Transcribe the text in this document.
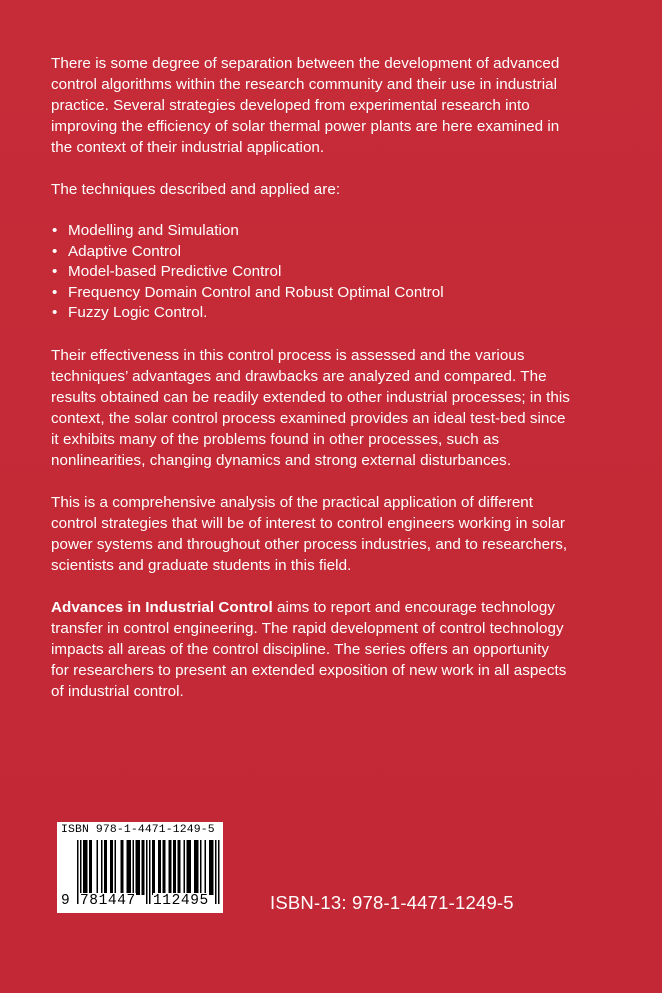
There is some degree of separation between the development of advanced control algorithms within the research community and their use in industrial practice. Several strategies developed from experimental research into improving the efficiency of solar thermal power plants are here examined in the context of their industrial application.

The techniques described and applied are:

• Modelling and Simulation
• Adaptive Control
• Model-based Predictive Control
• Frequency Domain Control and Robust Optimal Control
• Fuzzy Logic Control.

Their effectiveness in this control process is assessed and the various techniques’ advantages and drawbacks are analyzed and compared. The results obtained can be readily extended to other industrial processes; in this context, the solar control process examined provides an ideal test-bed since it exhibits many of the problems found in other processes, such as nonlinearities, changing dynamics and strong external disturbances.

This is a comprehensive analysis of the practical application of different control strategies that will be of interest to control engineers working in solar power systems and throughout other process industries, and to researchers, scientists and graduate students in this field.

Advances in Industrial Control aims to report and encourage technology transfer in control engineering. The rapid development of control technology impacts all areas of the control discipline. The series offers an opportunity for researchers to present an extended exposition of new work in all aspects of industrial control.

ISBN 978-1-4471-1249-5
9 781447 112495	ISBN-13: 978-1-4471-1249-5
